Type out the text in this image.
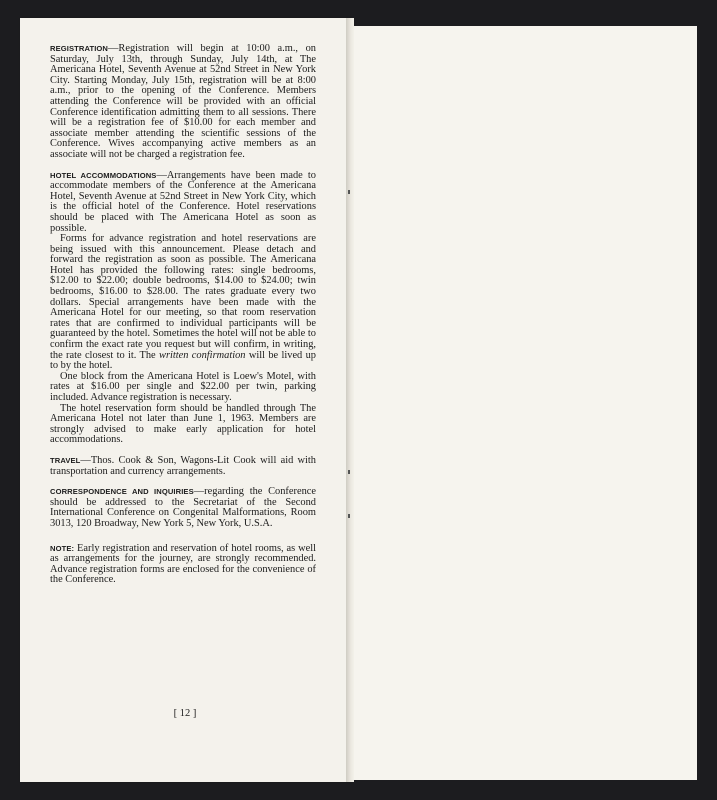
REGISTRATION—Registration will begin at 10:00 a.m., on Saturday, July 13th, through Sunday, July 14th, at The Americana Hotel, Seventh Avenue at 52nd Street in New York City. Starting Monday, July 15th, registration will be at 8:00 a.m., prior to the opening of the Conference. Members attending the Conference will be provided with an official Conference identification admitting them to all sessions. There will be a registration fee of $10.00 for each member and associate member attending the scientific sessions of the Conference. Wives accompanying active members as an associate will not be charged a registration fee.

HOTEL ACCOMMODATIONS—Arrangements have been made to accommodate members of the Conference at the Americana Hotel, Seventh Avenue at 52nd Street in New York City, which is the official hotel of the Conference. Hotel reservations should be placed with The Americana Hotel as soon as possible.

Forms for advance registration and hotel reservations are being issued with this announcement. Please detach and forward the registration as soon as possible. The Americana Hotel has provided the following rates: single bedrooms, $12.00 to $22.00; double bedrooms, $14.00 to $24.00; twin bedrooms, $16.00 to $28.00. The rates graduate every two dollars. Special arrangements have been made with the Americana Hotel for our meeting, so that room reservation rates that are confirmed to individual participants will be guaranteed by the hotel. Sometimes the hotel will not be able to confirm the exact rate you request but will confirm, in writing, the rate closest to it. The written confirmation will be lived up to by the hotel.

One block from the Americana Hotel is Loew's Motel, with rates at $16.00 per single and $22.00 per twin, parking included. Advance registration is necessary.

The hotel reservation form should be handled through The Americana Hotel not later than June 1, 1963. Members are strongly advised to make early application for hotel accommodations.

TRAVEL—Thos. Cook & Son, Wagons-Lit Cook will aid with transportation and currency arrangements.

CORRESPONDENCE AND INQUIRIES—regarding the Conference should be addressed to the Secretariat of the Second International Conference on Congenital Malformations, Room 3013, 120 Broadway, New York 5, New York, U.S.A.

NOTE: Early registration and reservation of hotel rooms, as well as arrangements for the journey, are strongly recommended. Advance registration forms are enclosed for the convenience of the Conference.

[ 12 ]
